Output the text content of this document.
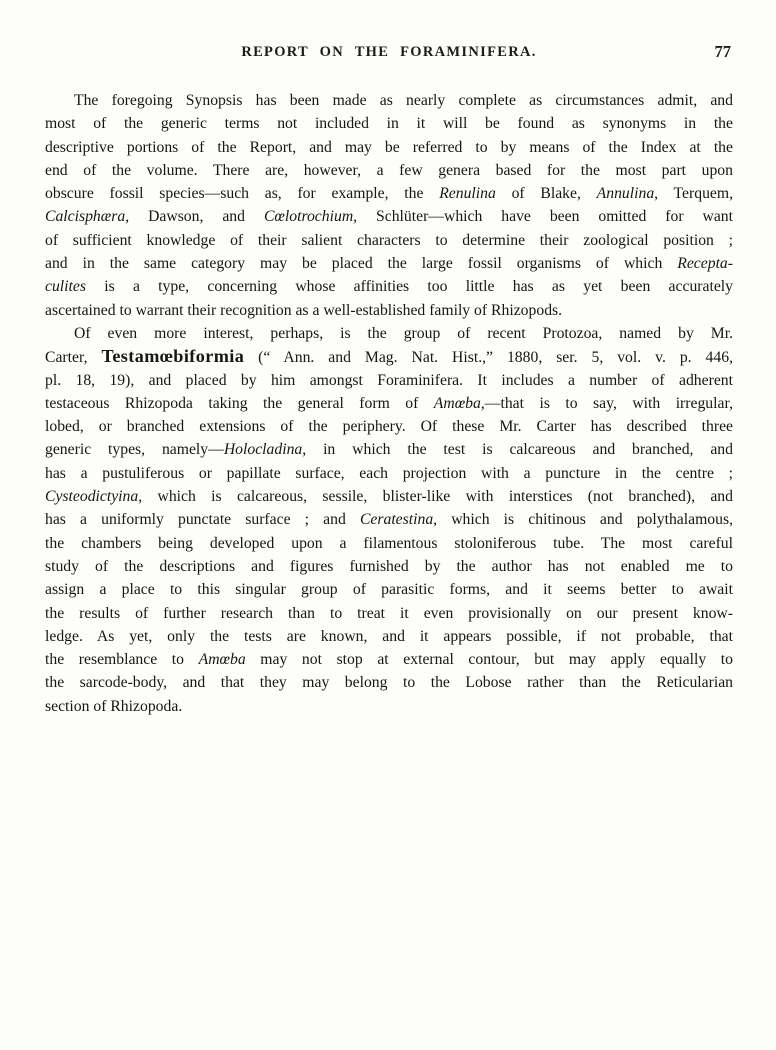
REPORT ON THE FORAMINIFERA.	77
The foregoing Synopsis has been made as nearly complete as circumstances admit, and
most of the generic terms not included in it will be found as synonyms in the
descriptive portions of the Report, and may be referred to by means of the Index at the
end of the volume. There are, however, a few genera based for the most part upon
obscure fossil species—such as, for example, the Renulina of Blake, Annulina, Terquem,
Calcisphæra, Dawson, and Cœlotrochium, Schlüter—which have been omitted for want
of sufficient knowledge of their salient characters to determine their zoological position ;
and in the same category may be placed the large fossil organisms of which Recepta-
culites is a type, concerning whose affinities too little has as yet been accurately
ascertained to warrant their recognition as a well-established family of Rhizopods.
Of even more interest, perhaps, is the group of recent Protozoa, named by Mr.
Carter, Testamœbiformia (“ Ann. and Mag. Nat. Hist.,” 1880, ser. 5, vol. v. p. 446,
pl. 18, 19), and placed by him amongst Foraminifera. It includes a number of adherent
testaceous Rhizopoda taking the general form of Amœba,—that is to say, with irregular,
lobed, or branched extensions of the periphery. Of these Mr. Carter has described three
generic types, namely—Holocladina, in which the test is calcareous and branched, and
has a pustuliferous or papillate surface, each projection with a puncture in the centre ;
Cysteodictyina, which is calcareous, sessile, blister-like with interstices (not branched), and
has a uniformly punctate surface ; and Ceratestina, which is chitinous and polythalamous,
the chambers being developed upon a filamentous stoloniferous tube. The most careful
study of the descriptions and figures furnished by the author has not enabled me to
assign a place to this singular group of parasitic forms, and it seems better to await
the results of further research than to treat it even provisionally on our present know-
ledge. As yet, only the tests are known, and it appears possible, if not probable, that
the resemblance to Amœba may not stop at external contour, but may apply equally to
the sarcode-body, and that they may belong to the Lobose rather than the Reticularian
section of Rhizopoda.
